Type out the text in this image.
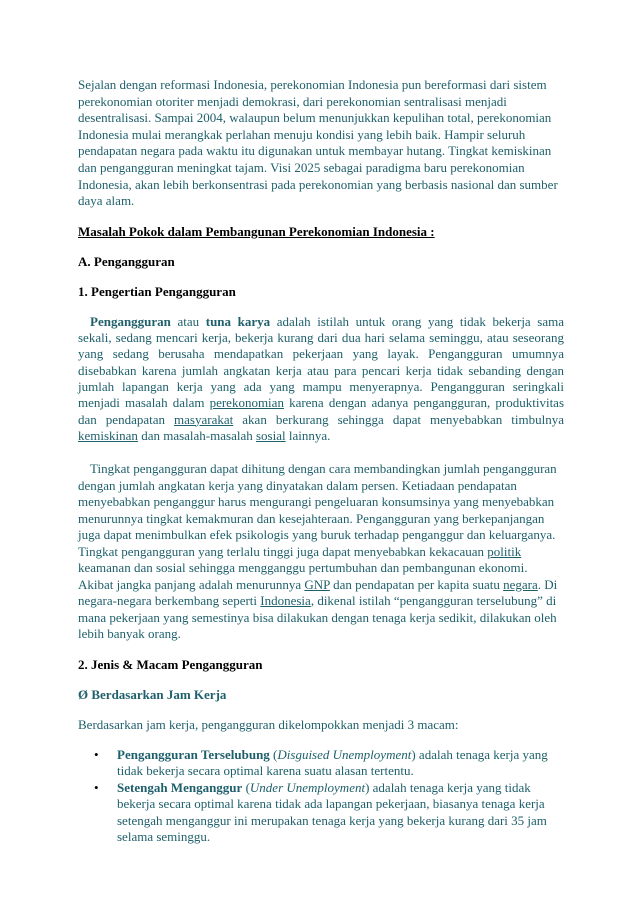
Sejalan dengan reformasi Indonesia, perekonomian Indonesia pun bereformasi dari sistem perekonomian otoriter menjadi demokrasi, dari perekonomian sentralisasi menjadi desentralisasi. Sampai 2004, walaupun belum menunjukkan kepulihan total, perekonomian Indonesia mulai merangkak perlahan menuju kondisi yang lebih baik. Hampir seluruh pendapatan negara pada waktu itu digunakan untuk membayar hutang. Tingkat kemiskinan dan pengangguran meningkat tajam. Visi 2025 sebagai paradigma baru perekonomian Indonesia, akan lebih berkonsentrasi pada perekonomian yang berbasis nasional dan sumber daya alam.

Masalah Pokok dalam Pembangunan Perekonomian Indonesia :

A. Pengangguran

1. Pengertian Pengangguran

Pengangguran atau tuna karya adalah istilah untuk orang yang tidak bekerja sama sekali, sedang mencari kerja, bekerja kurang dari dua hari selama seminggu, atau seseorang yang sedang berusaha mendapatkan pekerjaan yang layak. Pengangguran umumnya disebabkan karena jumlah angkatan kerja atau para pencari kerja tidak sebanding dengan jumlah lapangan kerja yang ada yang mampu menyerapnya. Pengangguran seringkali menjadi masalah dalam perekonomian karena dengan adanya pengangguran, produktivitas dan pendapatan masyarakat akan berkurang sehingga dapat menyebabkan timbulnya kemiskinan dan masalah-masalah sosial lainnya.

Tingkat pengangguran dapat dihitung dengan cara membandingkan jumlah pengangguran dengan jumlah angkatan kerja yang dinyatakan dalam persen. Ketiadaan pendapatan menyebabkan penganggur harus mengurangi pengeluaran konsumsinya yang menyebabkan menurunnya tingkat kemakmuran dan kesejahteraan. Pengangguran yang berkepanjangan juga dapat menimbulkan efek psikologis yang buruk terhadap penganggur dan keluarganya. Tingkat pengangguran yang terlalu tinggi juga dapat menyebabkan kekacauan politik keamanan dan sosial sehingga mengganggu pertumbuhan dan pembangunan ekonomi. Akibat jangka panjang adalah menurunnya GNP dan pendapatan per kapita suatu negara. Di negara-negara berkembang seperti Indonesia, dikenal istilah “pengangguran terselubung” di mana pekerjaan yang semestinya bisa dilakukan dengan tenaga kerja sedikit, dilakukan oleh lebih banyak orang.

2. Jenis & Macam Pengangguran

Ø Berdasarkan Jam Kerja

Berdasarkan jam kerja, pengangguran dikelompokkan menjadi 3 macam:

• Pengangguran Terselubung (Disguised Unemployment) adalah tenaga kerja yang tidak bekerja secara optimal karena suatu alasan tertentu.
• Setengah Menganggur (Under Unemployment) adalah tenaga kerja yang tidak bekerja secara optimal karena tidak ada lapangan pekerjaan, biasanya tenaga kerja setengah menganggur ini merupakan tenaga kerja yang bekerja kurang dari 35 jam selama seminggu.
